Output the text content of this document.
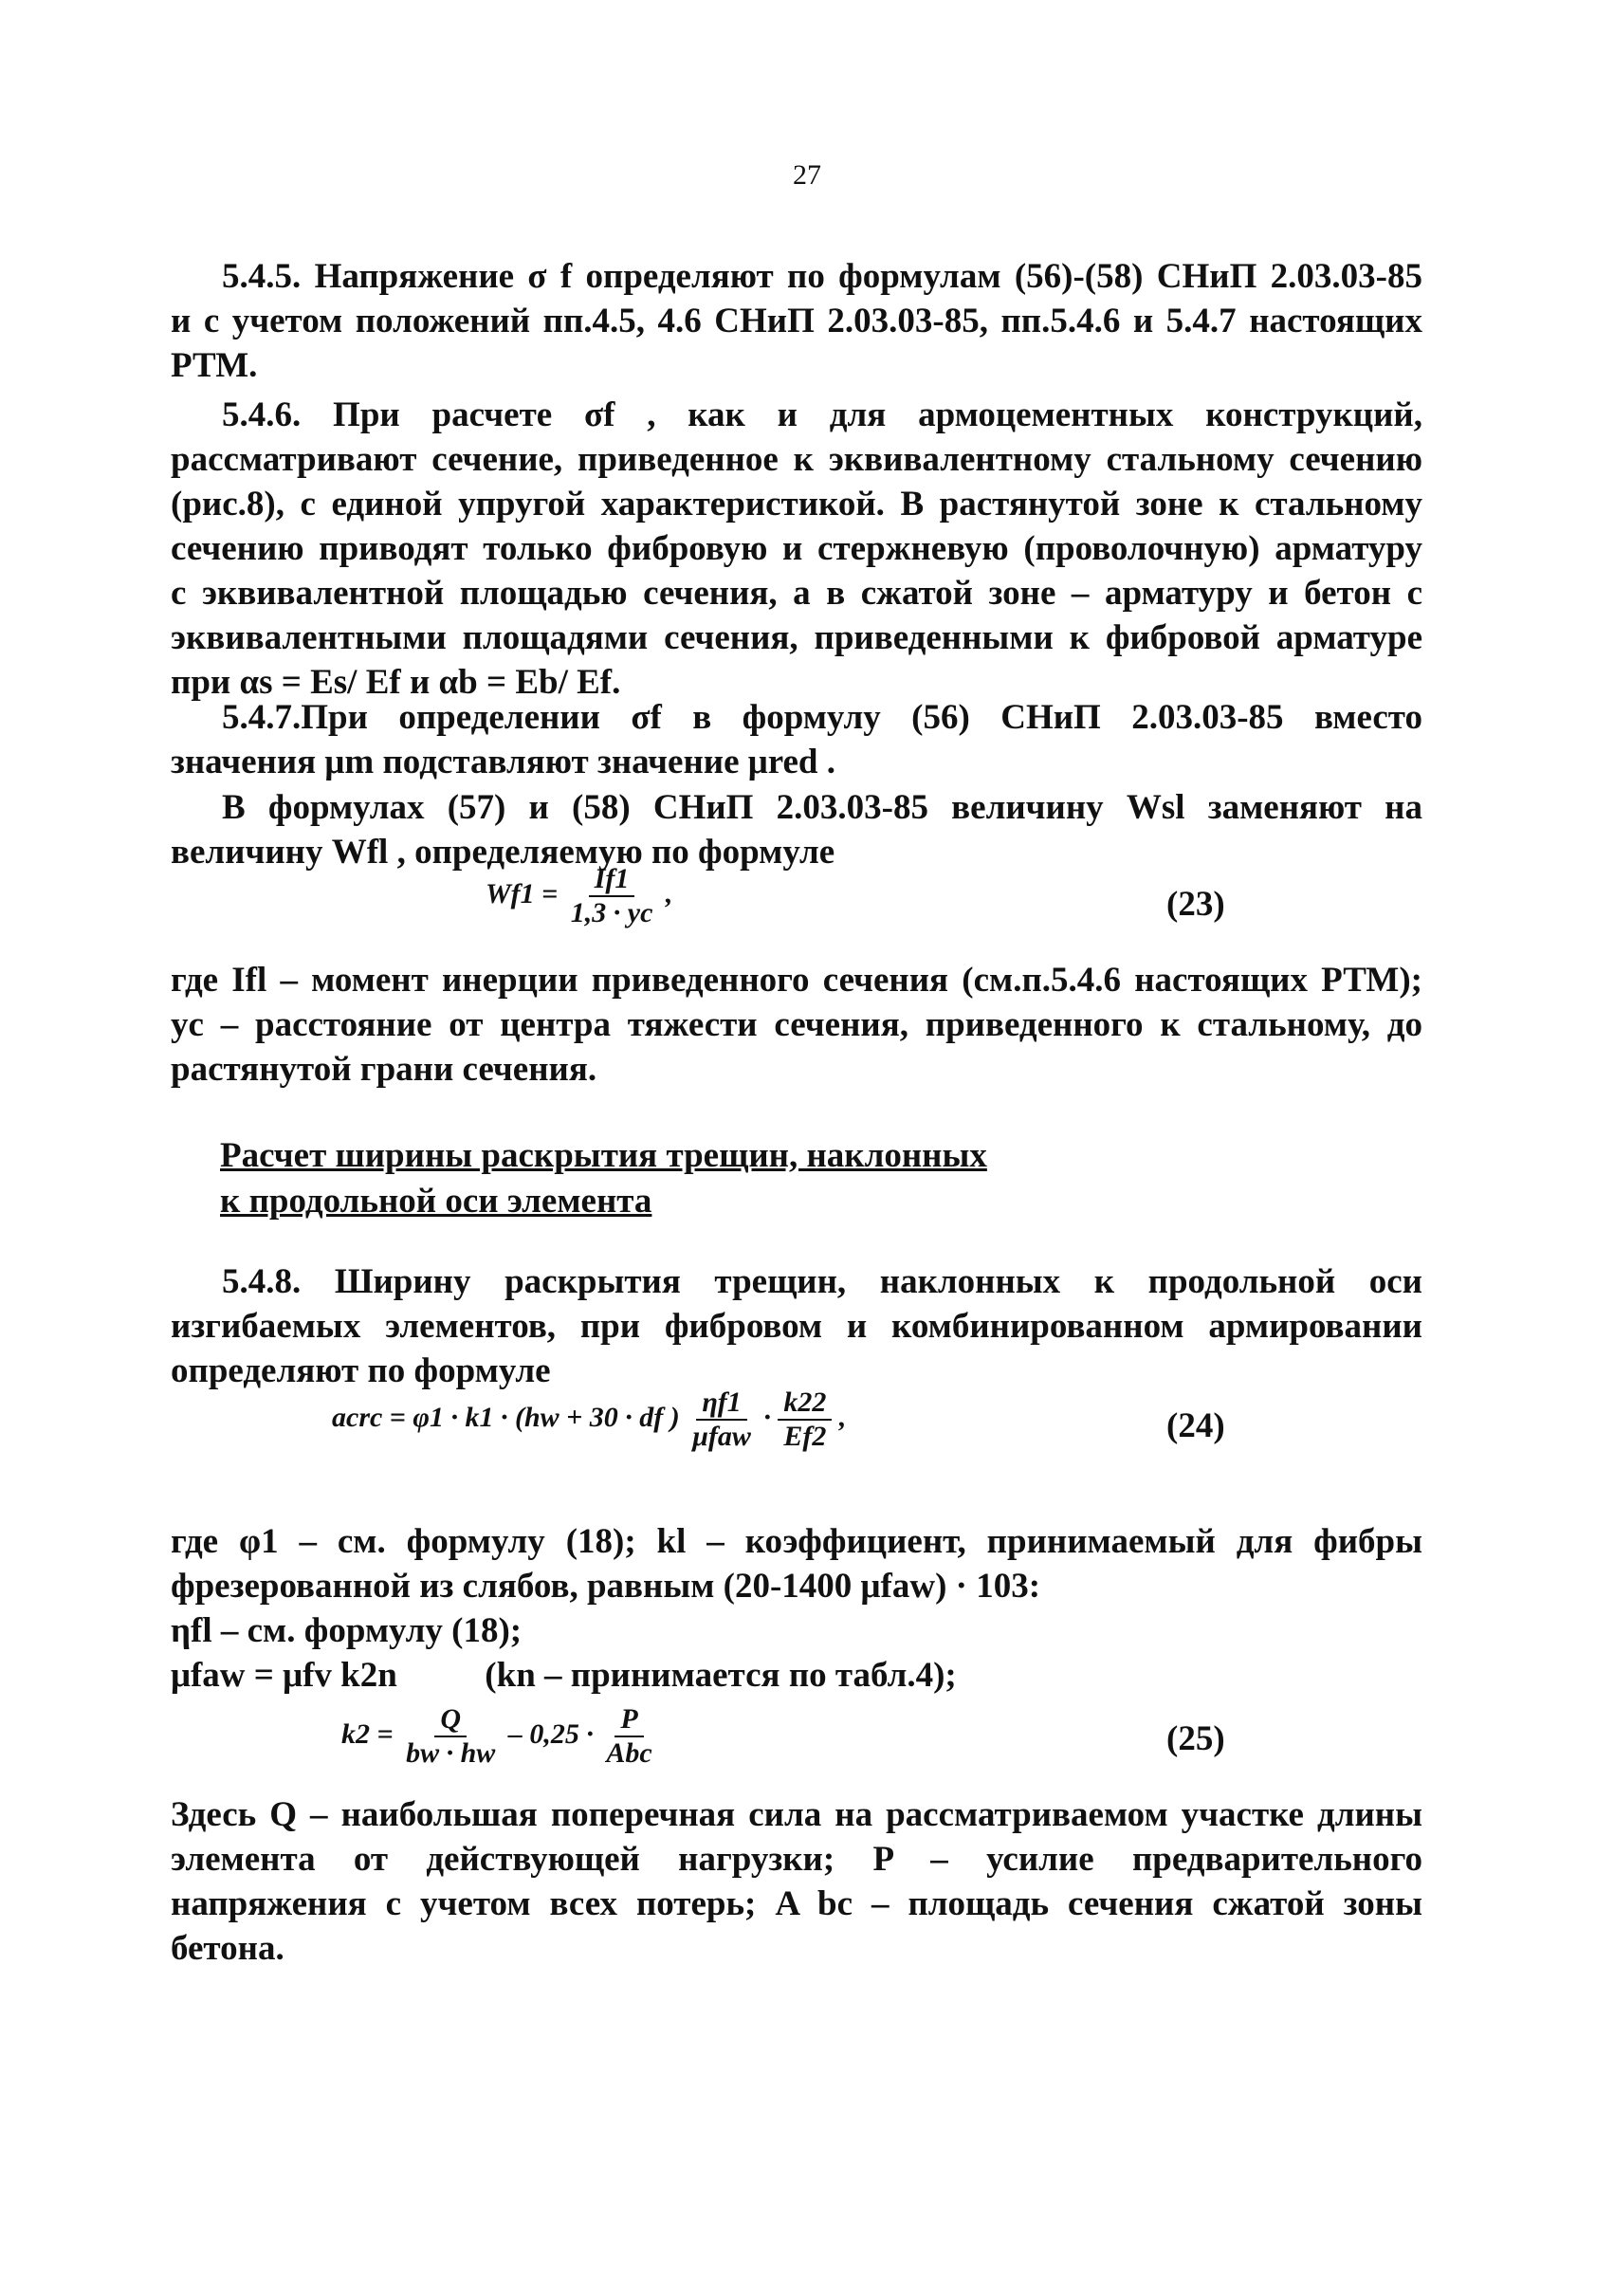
27
5.4.5. Напряжение σ f определяют по формулам (56)-(58) СНиП 2.03.03-85
и с учетом положений пп.4.5, 4.6 СНиП 2.03.03-85, пп.5.4.6 и 5.4.7 настоящих
РТМ.
5.4.6. При расчете σf , как и для армоцементных конструкций,
рассматривают сечение, приведенное к эквивалентному стальному сечению
(рис.8), с единой упругой характеристикой. В растянутой зоне к стальному
сечению приводят только фибровую и стержневую (проволочную) арматуру
с эквивалентной площадью сечения, а в сжатой зоне – арматуру и бетон с
эквивалентными площадями сечения, приведенными к фибровой арматуре
при αs = Es/ Ef и αb = Eb/ Ef.
5.4.7.При определении σf в формулу (56) СНиП 2.03.03-85 вместо
значения μm подставляют значение μred .
В формулах (57) и (58) СНиП 2.03.03-85 величину Wsl заменяют на
величину Wfl , определяемую по формуле
$Wf1 = \frac{If1}{1,3 \cdot yc}$ ,	(23)
где Ifl – момент инерции приведенного сечения (см.п.5.4.6 настоящих РТМ);
yc – расстояние от центра тяжести сечения, приведенного к стальному, до
растянутой грани сечения.
Расчет ширины раскрытия трещин, наклонных
к продольной оси элемента
5.4.8. Ширину раскрытия трещин, наклонных к продольной оси
изгибаемых элементов, при фибровом и комбинированном армировании
определяют по формуле
acrc = φ1 · k1 · (hw + 30 · df ) $\frac{\eta f1}{\text{μfaw}} \cdot \frac{k22}{Ef2}$ ,	(24)
где φ1 – см. формулу (18); kl – коэффициент, принимаемый для фибры
фрезерованной из слябов, равным (20-1400 μfaw) · 103:
ηfl – см. формулу (18);
μfaw = μfv k2n          (kn – принимается по табл.4);
$k2 = \frac{Q}{bw \cdot hw} - 0,25 \cdot \frac{P}{\text{Abc}}$	(25)
Здесь Q – наибольшая поперечная сила на рассматриваемом участке длины
элемента от действующей нагрузки; P – усилие предварительного
напряжения с учетом всех потерь; A bc – площадь сечения сжатой зоны
бетона.
